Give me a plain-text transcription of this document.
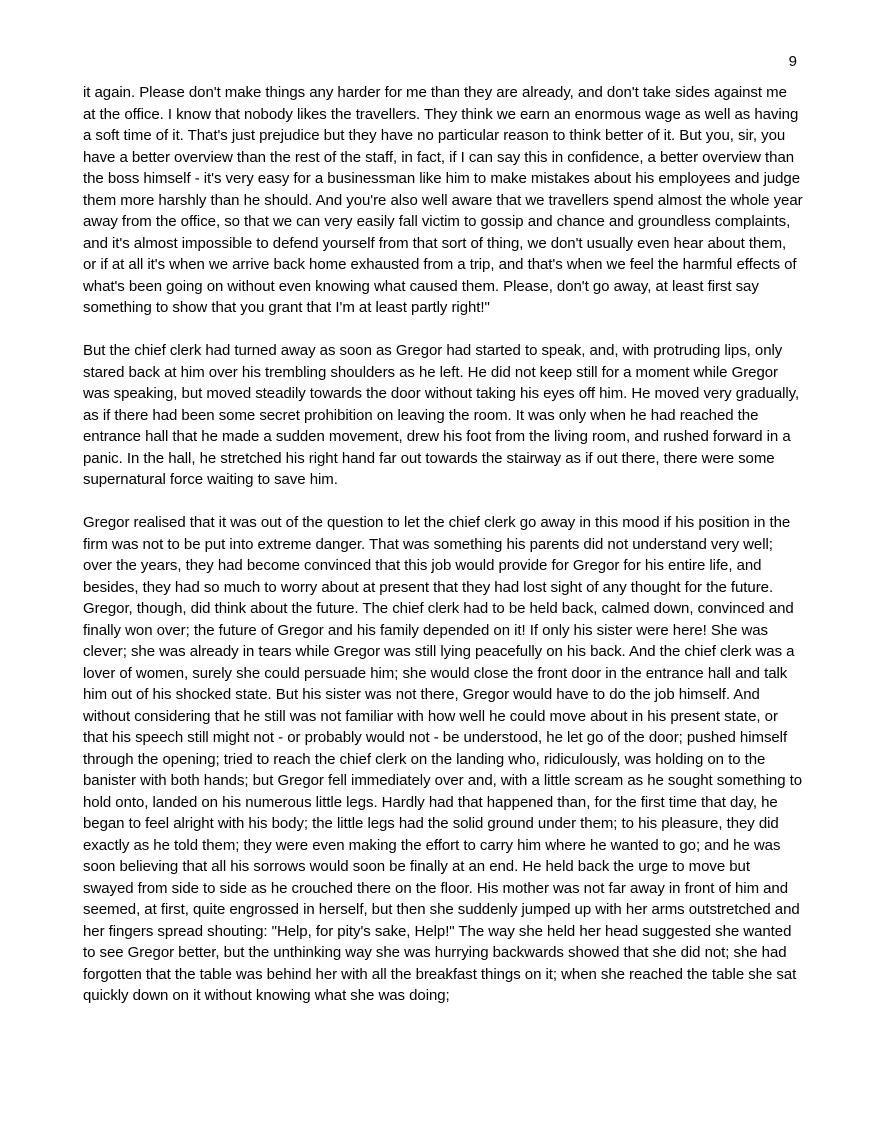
9

it again. Please don't make things any harder for me than they are already, and don't take sides against me at the office. I know that nobody likes the travellers. They think we earn an enormous wage as well as having a soft time of it. That's just prejudice but they have no particular reason to think better of it. But you, sir, you have a better overview than the rest of the staff, in fact, if I can say this in confidence, a better overview than the boss himself - it's very easy for a businessman like him to make mistakes about his employees and judge them more harshly than he should. And you're also well aware that we travellers spend almost the whole year away from the office, so that we can very easily fall victim to gossip and chance and groundless complaints, and it's almost impossible to defend yourself from that sort of thing, we don't usually even hear about them, or if at all it's when we arrive back home exhausted from a trip, and that's when we feel the harmful effects of what's been going on without even knowing what caused them. Please, don't go away, at least first say something to show that you grant that I'm at least partly right!"

But the chief clerk had turned away as soon as Gregor had started to speak, and, with protruding lips, only stared back at him over his trembling shoulders as he left. He did not keep still for a moment while Gregor was speaking, but moved steadily towards the door without taking his eyes off him. He moved very gradually, as if there had been some secret prohibition on leaving the room. It was only when he had reached the entrance hall that he made a sudden movement, drew his foot from the living room, and rushed forward in a panic. In the hall, he stretched his right hand far out towards the stairway as if out there, there were some supernatural force waiting to save him.

Gregor realised that it was out of the question to let the chief clerk go away in this mood if his position in the firm was not to be put into extreme danger. That was something his parents did not understand very well; over the years, they had become convinced that this job would provide for Gregor for his entire life, and besides, they had so much to worry about at present that they had lost sight of any thought for the future. Gregor, though, did think about the future. The chief clerk had to be held back, calmed down, convinced and finally won over; the future of Gregor and his family depended on it! If only his sister were here! She was clever; she was already in tears while Gregor was still lying peacefully on his back. And the chief clerk was a lover of women, surely she could persuade him; she would close the front door in the entrance hall and talk him out of his shocked state. But his sister was not there, Gregor would have to do the job himself. And without considering that he still was not familiar with how well he could move about in his present state, or that his speech still might not - or probably would not - be understood, he let go of the door; pushed himself through the opening; tried to reach the chief clerk on the landing who, ridiculously, was holding on to the banister with both hands; but Gregor fell immediately over and, with a little scream as he sought something to hold onto, landed on his numerous little legs. Hardly had that happened than, for the first time that day, he began to feel alright with his body; the little legs had the solid ground under them; to his pleasure, they did exactly as he told them; they were even making the effort to carry him where he wanted to go; and he was soon believing that all his sorrows would soon be finally at an end. He held back the urge to move but swayed from side to side as he crouched there on the floor. His mother was not far away in front of him and seemed, at first, quite engrossed in herself, but then she suddenly jumped up with her arms outstretched and her fingers spread shouting: "Help, for pity's sake, Help!" The way she held her head suggested she wanted to see Gregor better, but the unthinking way she was hurrying backwards showed that she did not; she had forgotten that the table was behind her with all the breakfast things on it; when she reached the table she sat quickly down on it without knowing what she was doing;
